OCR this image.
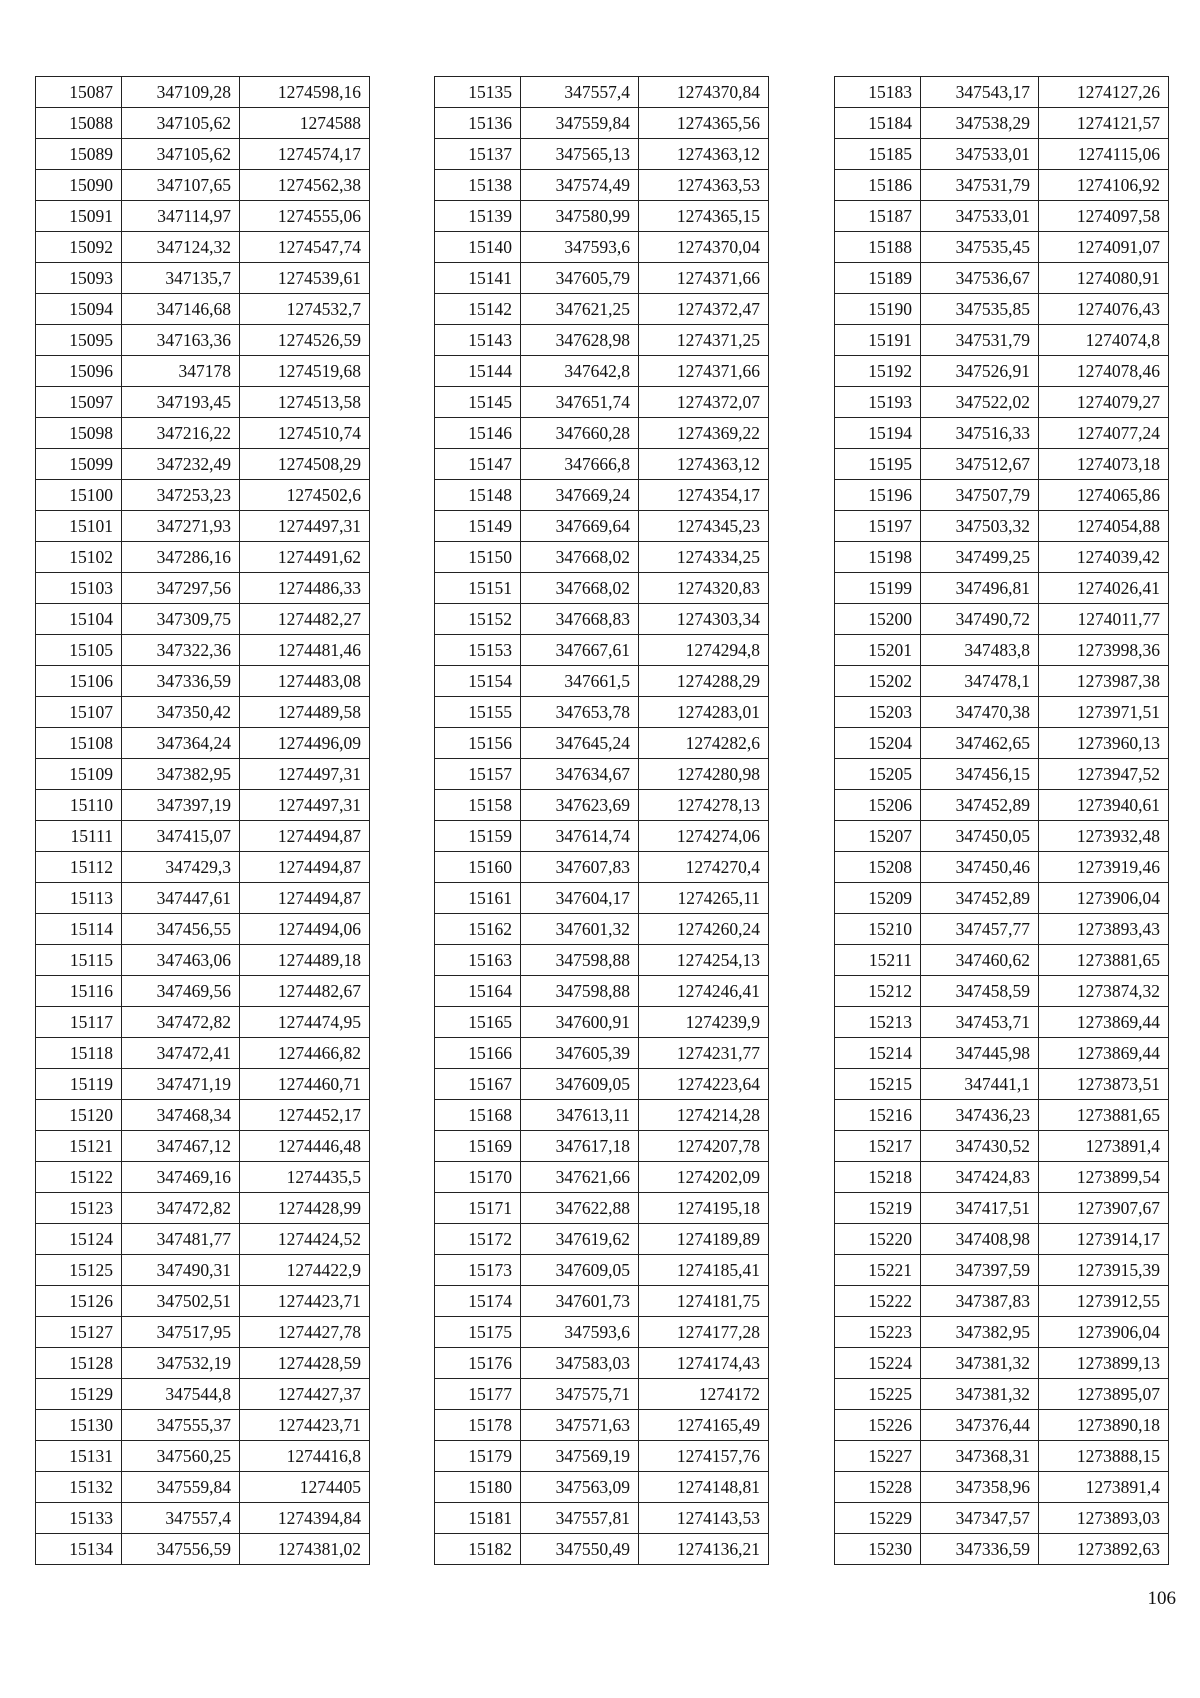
15087	347109,28	1274598,16
15088	347105,62	1274588
15089	347105,62	1274574,17
15090	347107,65	1274562,38
15091	347114,97	1274555,06
15092	347124,32	1274547,74
15093	347135,7	1274539,61
15094	347146,68	1274532,7
15095	347163,36	1274526,59
15096	347178	1274519,68
15097	347193,45	1274513,58
15098	347216,22	1274510,74
15099	347232,49	1274508,29
15100	347253,23	1274502,6
15101	347271,93	1274497,31
15102	347286,16	1274491,62
15103	347297,56	1274486,33
15104	347309,75	1274482,27
15105	347322,36	1274481,46
15106	347336,59	1274483,08
15107	347350,42	1274489,58
15108	347364,24	1274496,09
15109	347382,95	1274497,31
15110	347397,19	1274497,31
15111	347415,07	1274494,87
15112	347429,3	1274494,87
15113	347447,61	1274494,87
15114	347456,55	1274494,06
15115	347463,06	1274489,18
15116	347469,56	1274482,67
15117	347472,82	1274474,95
15118	347472,41	1274466,82
15119	347471,19	1274460,71
15120	347468,34	1274452,17
15121	347467,12	1274446,48
15122	347469,16	1274435,5
15123	347472,82	1274428,99
15124	347481,77	1274424,52
15125	347490,31	1274422,9
15126	347502,51	1274423,71
15127	347517,95	1274427,78
15128	347532,19	1274428,59
15129	347544,8	1274427,37
15130	347555,37	1274423,71
15131	347560,25	1274416,8
15132	347559,84	1274405
15133	347557,4	1274394,84
15134	347556,59	1274381,02
15135	347557,4	1274370,84
15136	347559,84	1274365,56
15137	347565,13	1274363,12
15138	347574,49	1274363,53
15139	347580,99	1274365,15
15140	347593,6	1274370,04
15141	347605,79	1274371,66
15142	347621,25	1274372,47
15143	347628,98	1274371,25
15144	347642,8	1274371,66
15145	347651,74	1274372,07
15146	347660,28	1274369,22
15147	347666,8	1274363,12
15148	347669,24	1274354,17
15149	347669,64	1274345,23
15150	347668,02	1274334,25
15151	347668,02	1274320,83
15152	347668,83	1274303,34
15153	347667,61	1274294,8
15154	347661,5	1274288,29
15155	347653,78	1274283,01
15156	347645,24	1274282,6
15157	347634,67	1274280,98
15158	347623,69	1274278,13
15159	347614,74	1274274,06
15160	347607,83	1274270,4
15161	347604,17	1274265,11
15162	347601,32	1274260,24
15163	347598,88	1274254,13
15164	347598,88	1274246,41
15165	347600,91	1274239,9
15166	347605,39	1274231,77
15167	347609,05	1274223,64
15168	347613,11	1274214,28
15169	347617,18	1274207,78
15170	347621,66	1274202,09
15171	347622,88	1274195,18
15172	347619,62	1274189,89
15173	347609,05	1274185,41
15174	347601,73	1274181,75
15175	347593,6	1274177,28
15176	347583,03	1274174,43
15177	347575,71	1274172
15178	347571,63	1274165,49
15179	347569,19	1274157,76
15180	347563,09	1274148,81
15181	347557,81	1274143,53
15182	347550,49	1274136,21
15183	347543,17	1274127,26
15184	347538,29	1274121,57
15185	347533,01	1274115,06
15186	347531,79	1274106,92
15187	347533,01	1274097,58
15188	347535,45	1274091,07
15189	347536,67	1274080,91
15190	347535,85	1274076,43
15191	347531,79	1274074,8
15192	347526,91	1274078,46
15193	347522,02	1274079,27
15194	347516,33	1274077,24
15195	347512,67	1274073,18
15196	347507,79	1274065,86
15197	347503,32	1274054,88
15198	347499,25	1274039,42
15199	347496,81	1274026,41
15200	347490,72	1274011,77
15201	347483,8	1273998,36
15202	347478,1	1273987,38
15203	347470,38	1273971,51
15204	347462,65	1273960,13
15205	347456,15	1273947,52
15206	347452,89	1273940,61
15207	347450,05	1273932,48
15208	347450,46	1273919,46
15209	347452,89	1273906,04
15210	347457,77	1273893,43
15211	347460,62	1273881,65
15212	347458,59	1273874,32
15213	347453,71	1273869,44
15214	347445,98	1273869,44
15215	347441,1	1273873,51
15216	347436,23	1273881,65
15217	347430,52	1273891,4
15218	347424,83	1273899,54
15219	347417,51	1273907,67
15220	347408,98	1273914,17
15221	347397,59	1273915,39
15222	347387,83	1273912,55
15223	347382,95	1273906,04
15224	347381,32	1273899,13
15225	347381,32	1273895,07
15226	347376,44	1273890,18
15227	347368,31	1273888,15
15228	347358,96	1273891,4
15229	347347,57	1273893,03
15230	347336,59	1273892,63
106
